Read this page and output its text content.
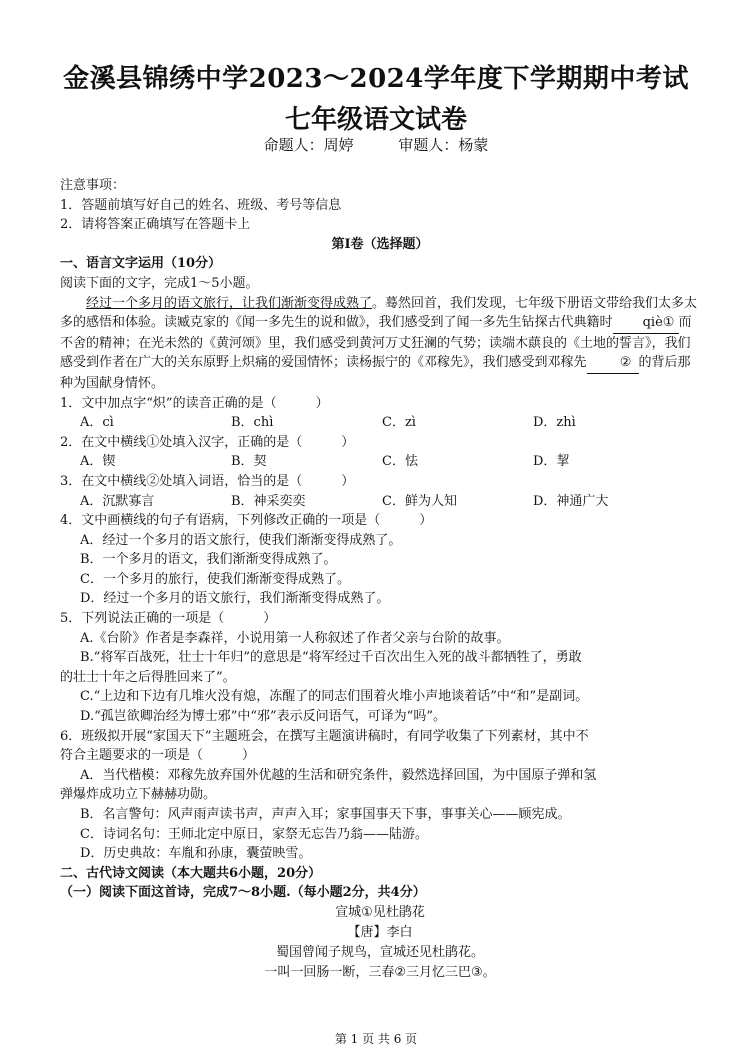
金溪县锦绣中学2023～2024学年度下学期期中考试
七年级语文试卷
命题人：周婷	审题人：杨蒙

注意事项：

1．答题前填写好自己的姓名、班级、考号等信息

2．请将答案正确填写在答题卡上

第Ⅰ卷（选择题）

一、语言文字运用（10分）

阅读下面的文字，完成1～5小题。

经过一个多月的语文旅行，让我们渐渐变得成熟了。蓦然回首，我们发现，七年级下册语文带给我们太多太多的感悟和体验。读臧克家的《闻一多先生的说和做》，我们感受到了闻一多先生钻探古代典籍时 qiè① 而不舍的精神；在光未然的《黄河颂》里，我们感受到黄河万丈狂澜的气势；读端木蕻良的《土地的誓言》，我们感受到作者在广大的关东原野上炽痛的爱国情怀；读杨振宁的《邓稼先》，我们感受到邓稼先	② 的背后那种为国献身情怀。

1．文中加点字“炽”的读音正确的是（　　　）

A．cì	B．chì	C．zì	D．zhì

2．在文中横线①处填入汉字，正确的是（　　　）

A．锲	B．契	C．怯	D．挈

3．在文中横线②处填入词语，恰当的是（　　　）

A．沉默寡言	B．神采奕奕	C．鲜为人知	D．神通广大

4．文中画横线的句子有语病，下列修改正确的一项是（　　　）

A．经过一个多月的语文旅行，使我们渐渐变得成熟了。

B．一个多月的语文，我们渐渐变得成熟了。

C．一个多月的旅行，使我们渐渐变得成熟了。

D．经过一个多月的语文旅行，我们渐渐变得成熟了。

5．下列说法正确的一项是（　　　）

A.《台阶》作者是李森祥，小说用第一人称叙述了作者父亲与台阶的故事。

B.“将军百战死，壮士十年归”的意思是“将军经过千百次出生入死的战斗都牺牲了，勇敢

的壮士十年之后得胜回来了”。

C.“上边和下边有几堆火没有熄，冻醒了的同志们围着火堆小声地谈着话”中“和”是副词。

D.“孤岂欲卿治经为博士邪”中“邪”表示反问语气，可译为“吗”。

6．班级拟开展“家国天下”主题班会，在撰写主题演讲稿时，有同学收集了下列素材，其中不

符合主题要求的一项是（　　　）

A．当代楷模：邓稼先放弃国外优越的生活和研究条件，毅然选择回国，为中国原子弹和氢

弹爆炸成功立下赫赫功勋。

B．名言警句：风声雨声读书声，声声入耳；家事国事天下事，事事关心——顾宪成。

C．诗词名句：王师北定中原日，家祭无忘告乃翁——陆游。

D．历史典故：车胤和孙康，囊萤映雪。

二、古代诗文阅读（本大题共6小题，20分）

（一）阅读下面这首诗，完成7～8小题.（每小题2分，共4分）

宣城①见杜鹃花

【唐】李白

蜀国曾闻子规鸟，宣城还见杜鹃花。

一叫一回肠一断，三春②三月忆三巴③。

第 1 页 共 6 页
